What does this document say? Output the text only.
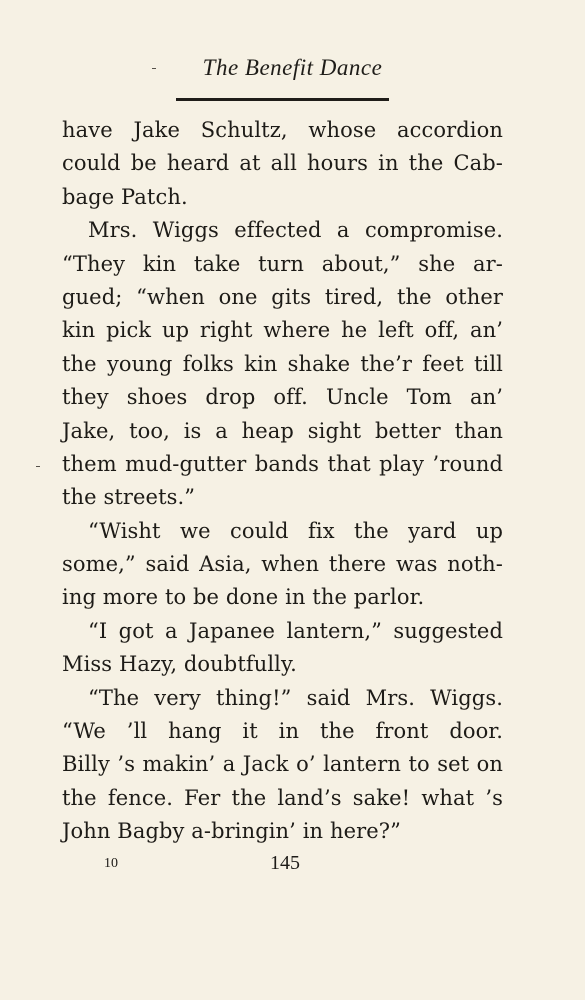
The Benefit Dance
have Jake Schultz, whose accordion
could be heard at all hours in the Cab-
bage Patch.
Mrs. Wiggs effected a compromise.
“They kin take turn about,” she ar-
gued; “when one gits tired, the other
kin pick up right where he left off, an’
the young folks kin shake the’r feet till
they shoes drop off. Uncle Tom an’
Jake, too, is a heap sight better than
them mud-gutter bands that play ’round
the streets.”
“Wisht we could fix the yard up
some,” said Asia, when there was noth-
ing more to be done in the parlor.
“I got a Japanee lantern,” suggested
Miss Hazy, doubtfully.
“The very thing!” said Mrs. Wiggs.
“We ’ll hang it in the front door.
Billy ’s makin’ a Jack o’ lantern to set on
the fence. Fer the land’s sake! what ’s
John Bagby a-bringin’ in here?”
10	145
